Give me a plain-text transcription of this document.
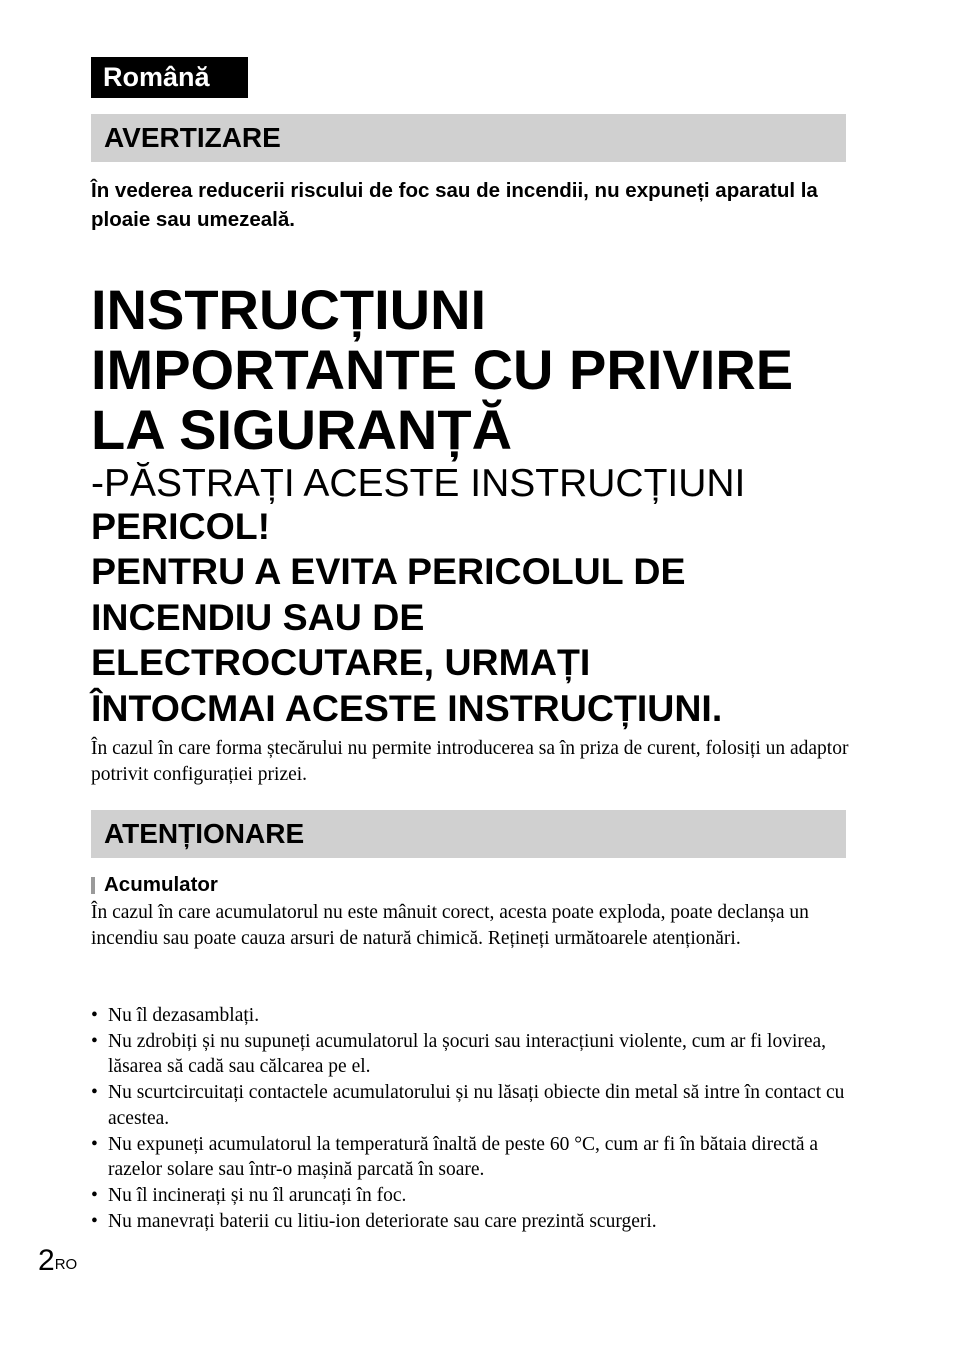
Română
AVERTIZARE

În vederea reducerii riscului de foc sau de incendii, nu expuneți aparatul la ploaie sau umezeală.

INSTRUCȚIUNI
IMPORTANTE CU PRIVIRE
LA SIGURANȚĂ

-PĂSTRAȚI ACESTE INSTRUCȚIUNI

PERICOL!

PENTRU A EVITA PERICOLUL DE
INCENDIU SAU DE
ELECTROCUTARE, URMAȚI
ÎNTOCMAI ACESTE INSTRUCȚIUNI.

În cazul în care forma ștecărului nu permite introducerea sa în priza de curent, folosiți un adaptor potrivit configurației prizei.

ATENȚIONARE
Acumulator

În cazul în care acumulatorul nu este mânuit corect, acesta poate exploda, poate declanșa un incendiu sau poate cauza arsuri de natură chimică. Rețineți următoarele atenționări.

• Nu îl dezasamblați.
• Nu zdrobiți și nu supuneți acumulatorul la șocuri sau interacțiuni violente, cum ar fi lovirea, lăsarea să cadă sau călcarea pe el.
• Nu scurtcircuitați contactele acumulatorului și nu lăsați obiecte din metal să intre în contact cu acestea.
• Nu expuneți acumulatorul la temperatură înaltă de peste 60 °C, cum ar fi în bătaia directă a razelor solare sau într-o mașină parcată în soare.
• Nu îl incinerați și nu îl aruncați în foc.
• Nu manevrați baterii cu litiu-ion deteriorate sau care prezintă scurgeri.
$2^{RO}$
